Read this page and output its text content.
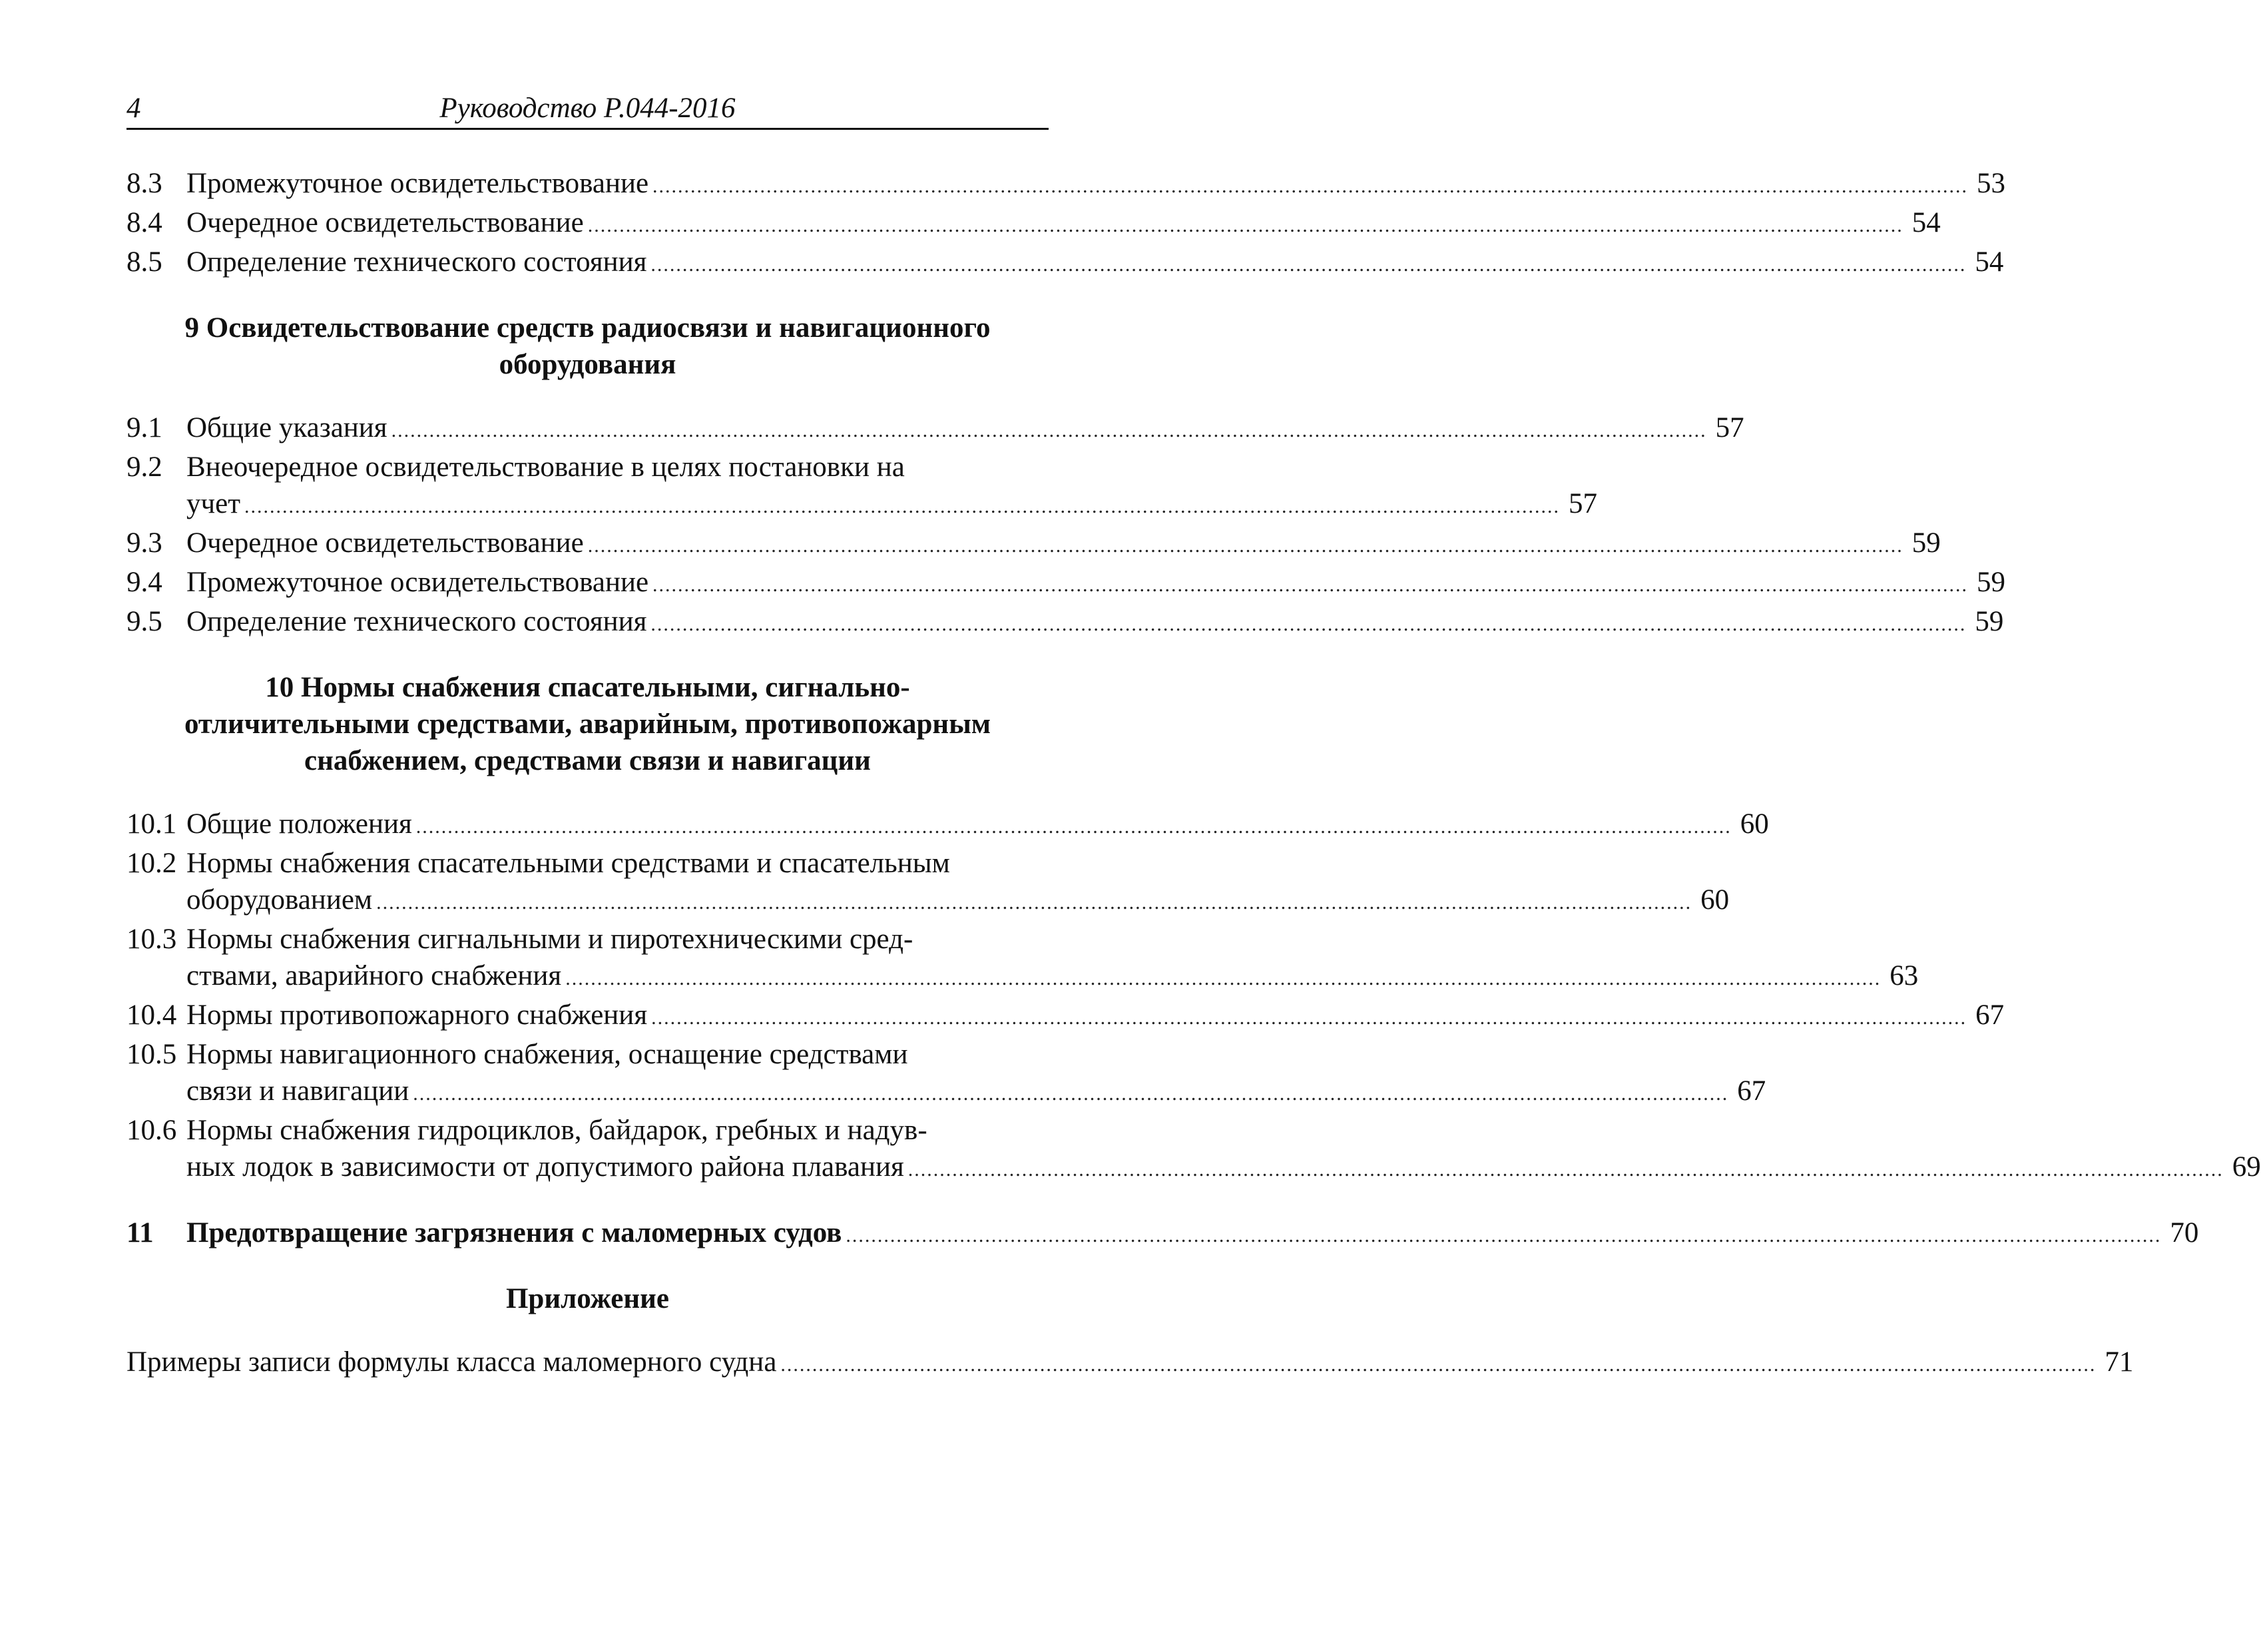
4	Руководство Р.044-2016
8.3 Промежуточное освидетельствование .....	53
8.4 Очередное освидетельствование .....	54
8.5 Определение технического состояния .....	54
9 Освидетельствование средств радиосвязи и навигационного
оборудования
9.1 Общие указания .....	57
9.2 Внеочередное освидетельствование в целях постановки на
учет .....	57
9.3 Очередное освидетельствование .....	59
9.4 Промежуточное освидетельствование .....	59
9.5 Определение технического состояния .....	59
10 Нормы снабжения спасательными, сигнально-
отличительными средствами, аварийным, противопожарным
снабжением, средствами связи и навигации
10.1 Общие положения .....	60
10.2 Нормы снабжения спасательными средствами и спасательным
оборудованием .....	60
10.3 Нормы снабжения сигнальными и пиротехническими сред-
ствами, аварийного снабжения .....	63
10.4 Нормы противопожарного снабжения .....	67
10.5 Нормы навигационного снабжения, оснащение средствами
связи и навигации .....	67
10.6 Нормы снабжения гидроциклов, байдарок, гребных и надув-
ных лодок в зависимости от допустимого района плавания .....	69
11	Предотвращение загрязнения с маломерных судов .....	70
Приложение
Примеры записи формулы класса маломерного судна .....	71
